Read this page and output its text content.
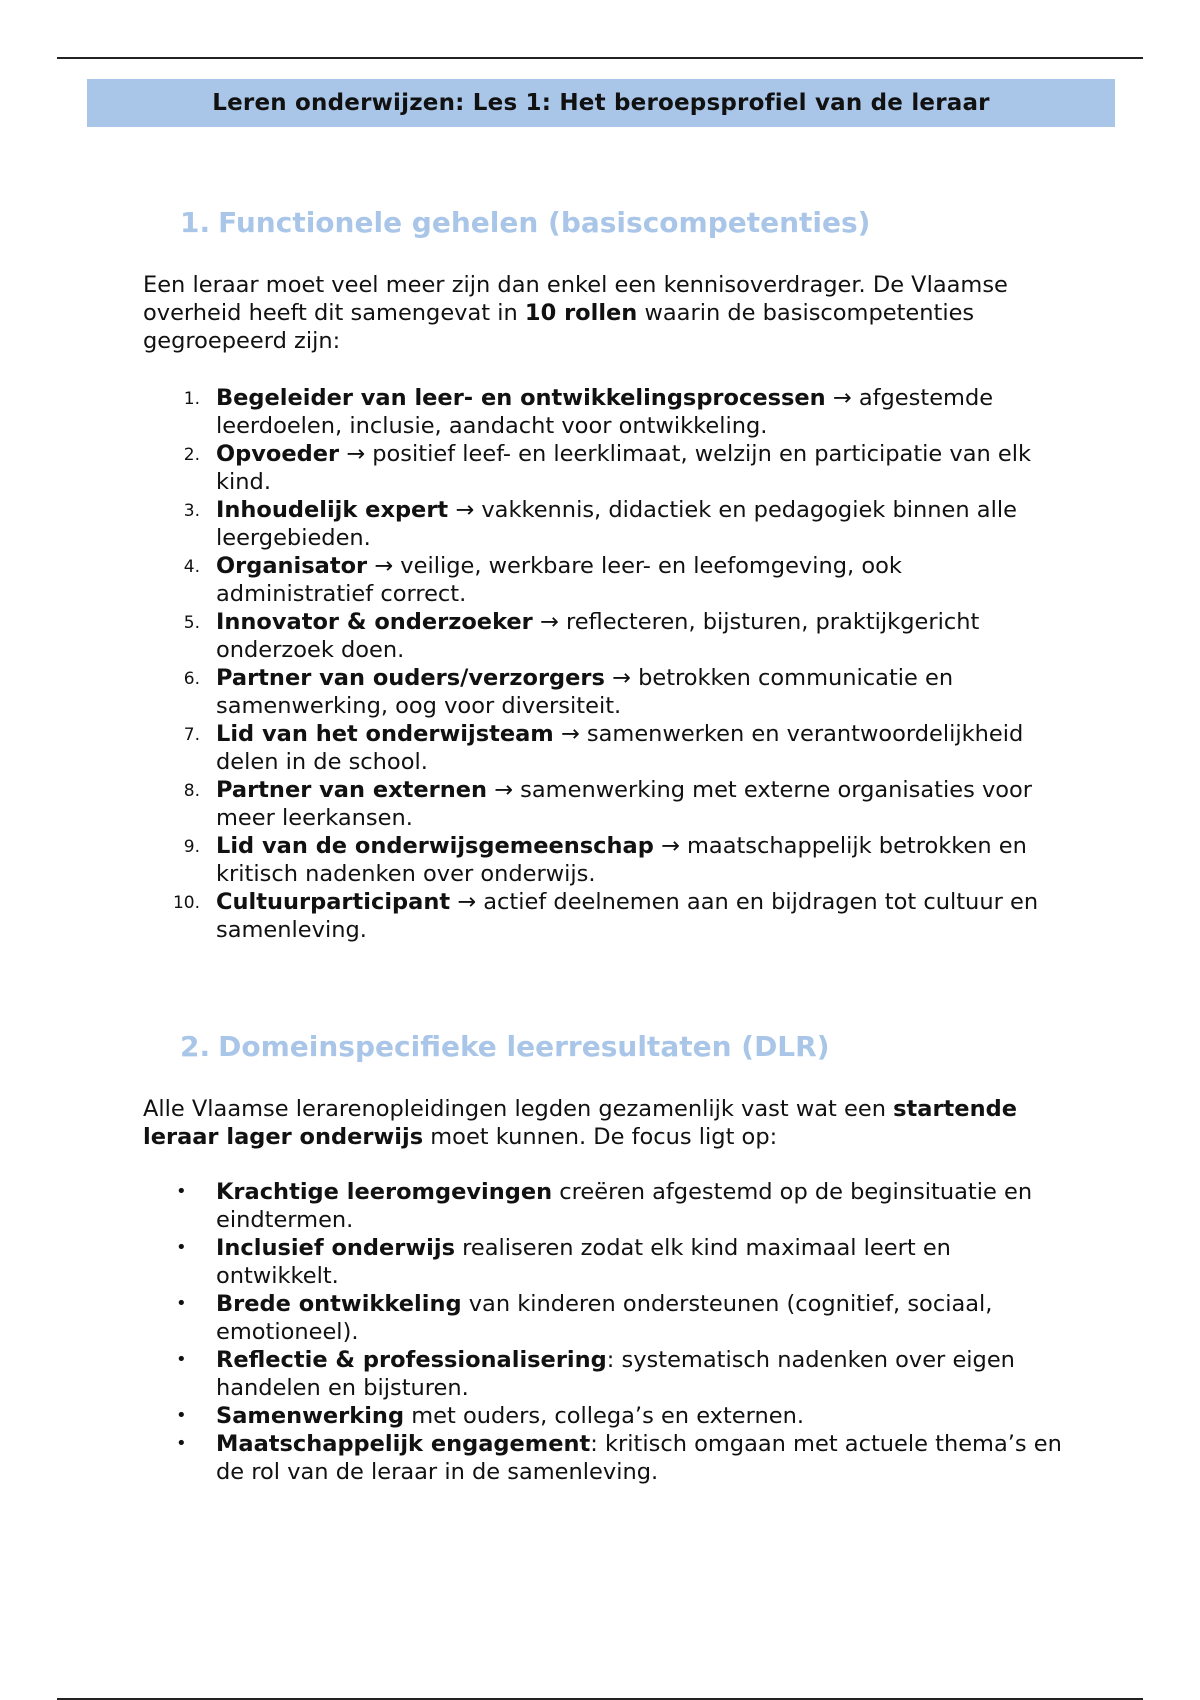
Leren onderwijzen: Les 1: Het beroepsprofiel van de leraar
1. Functionele gehelen (basiscompetenties)

Een leraar moet veel meer zijn dan enkel een kennisoverdrager. De Vlaamse overheid heeft dit samengevat in 10 rollen waarin de basiscompetenties gegroepeerd zijn:

1. Begeleider van leer- en ontwikkelingsprocessen → afgestemde leerdoelen, inclusie, aandacht voor ontwikkeling.
2. Opvoeder → positief leef- en leerklimaat, welzijn en participatie van elk kind.
3. Inhoudelijk expert → vakkennis, didactiek en pedagogiek binnen alle leergebieden.
4. Organisator → veilige, werkbare leer- en leefomgeving, ook administratief correct.
5. Innovator & onderzoeker → reflecteren, bijsturen, praktijkgericht onderzoek doen.
6. Partner van ouders/verzorgers → betrokken communicatie en samenwerking, oog voor diversiteit.
7. Lid van het onderwijsteam → samenwerken en verantwoordelijkheid delen in de school.
8. Partner van externen → samenwerking met externe organisaties voor meer leerkansen.
9. Lid van de onderwijsgemeenschap → maatschappelijk betrokken en kritisch nadenken over onderwijs.
10. Cultuurparticipant → actief deelnemen aan en bijdragen tot cultuur en samenleving.
2. Domeinspecifieke leerresultaten (DLR)

Alle Vlaamse lerarenopleidingen legden gezamenlijk vast wat een startende leraar lager onderwijs moet kunnen. De focus ligt op:

• Krachtige leeromgevingen creëren afgestemd op de beginsituatie en eindtermen.
• Inclusief onderwijs realiseren zodat elk kind maximaal leert en ontwikkelt.
• Brede ontwikkeling van kinderen ondersteunen (cognitief, sociaal, emotioneel).
• Reflectie & professionalisering: systematisch nadenken over eigen handelen en bijsturen.
• Samenwerking met ouders, collega’s en externen.
• Maatschappelijk engagement: kritisch omgaan met actuele thema’s en de rol van de leraar in de samenleving.
